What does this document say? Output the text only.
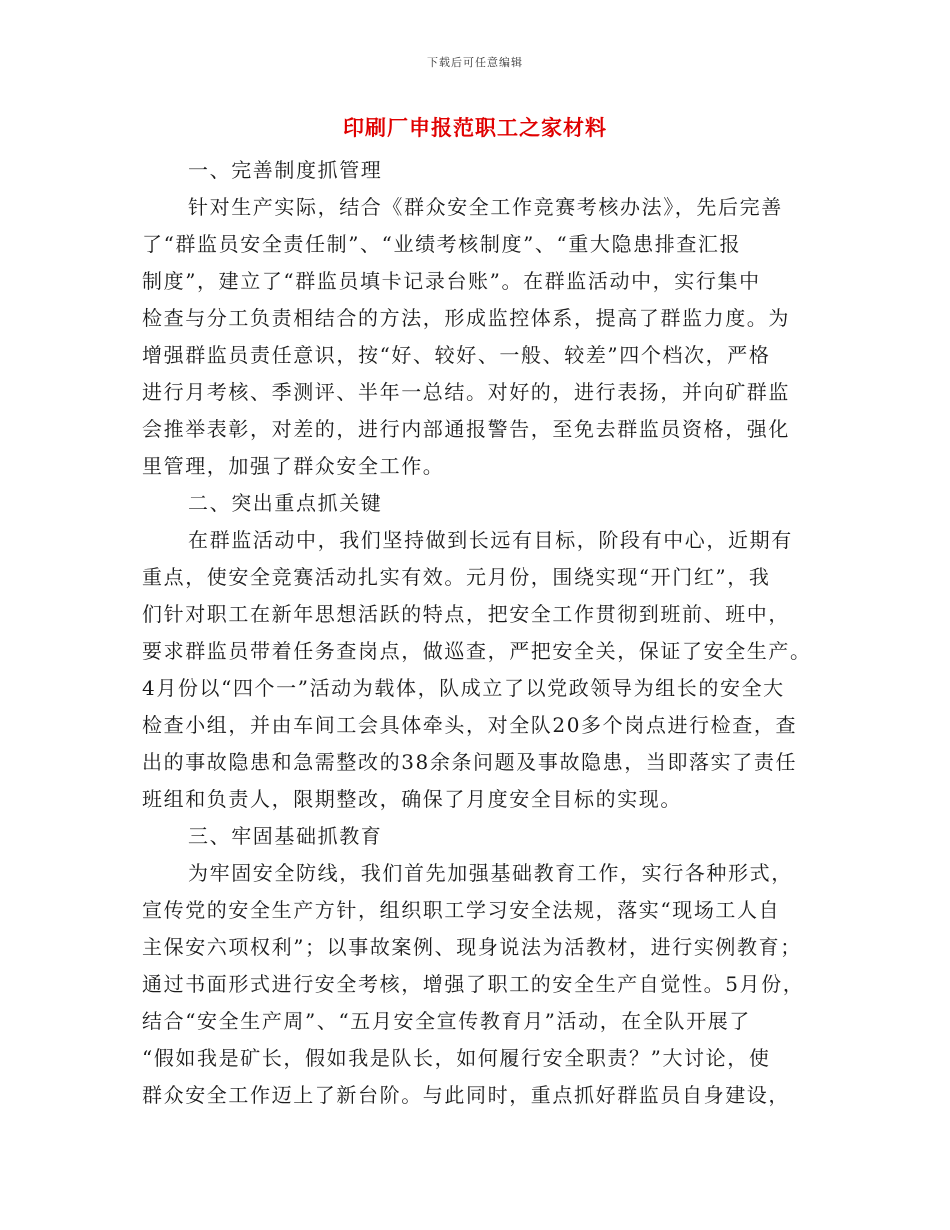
下载后可任意编辑
印刷厂申报范职工之家材料
一、完善制度抓管理
针对生产实际，结合《群众安全工作竞赛考核办法》，先后完善
了“群监员安全责任制”、“业绩考核制度”、“重大隐患排查汇报
制度”，建立了“群监员填卡记录台账”。在群监活动中，实行集中
检查与分工负责相结合的方法，形成监控体系，提高了群监力度。为
增强群监员责任意识，按“好、较好、一般、较差”四个档次，严格
进行月考核、季测评、半年一总结。对好的，进行表扬，并向矿群监
会推举表彰，对差的，进行内部通报警告，至免去群监员资格，强化
里管理，加强了群众安全工作。
二、突出重点抓关键
在群监活动中，我们坚持做到长远有目标，阶段有中心，近期有
重点，使安全竞赛活动扎实有效。元月份，围绕实现“开门红”，我
们针对职工在新年思想活跃的特点，把安全工作贯彻到班前、班中，
要求群监员带着任务查岗点，做巡查，严把安全关，保证了安全生产。
4月份以“四个一”活动为载体，队成立了以党政领导为组长的安全大
检查小组，并由车间工会具体牵头，对全队20多个岗点进行检查，查
出的事故隐患和急需整改的38余条问题及事故隐患，当即落实了责任
班组和负责人，限期整改，确保了月度安全目标的实现。
三、牢固基础抓教育
为牢固安全防线，我们首先加强基础教育工作，实行各种形式，
宣传党的安全生产方针，组织职工学习安全法规，落实“现场工人自
主保安六项权利”；以事故案例、现身说法为活教材，进行实例教育；
通过书面形式进行安全考核，增强了职工的安全生产自觉性。5月份，
结合“安全生产周”、“五月安全宣传教育月”活动，在全队开展了
“假如我是矿长，假如我是队长，如何履行安全职责？”大讨论，使
群众安全工作迈上了新台阶。与此同时，重点抓好群监员自身建设，
